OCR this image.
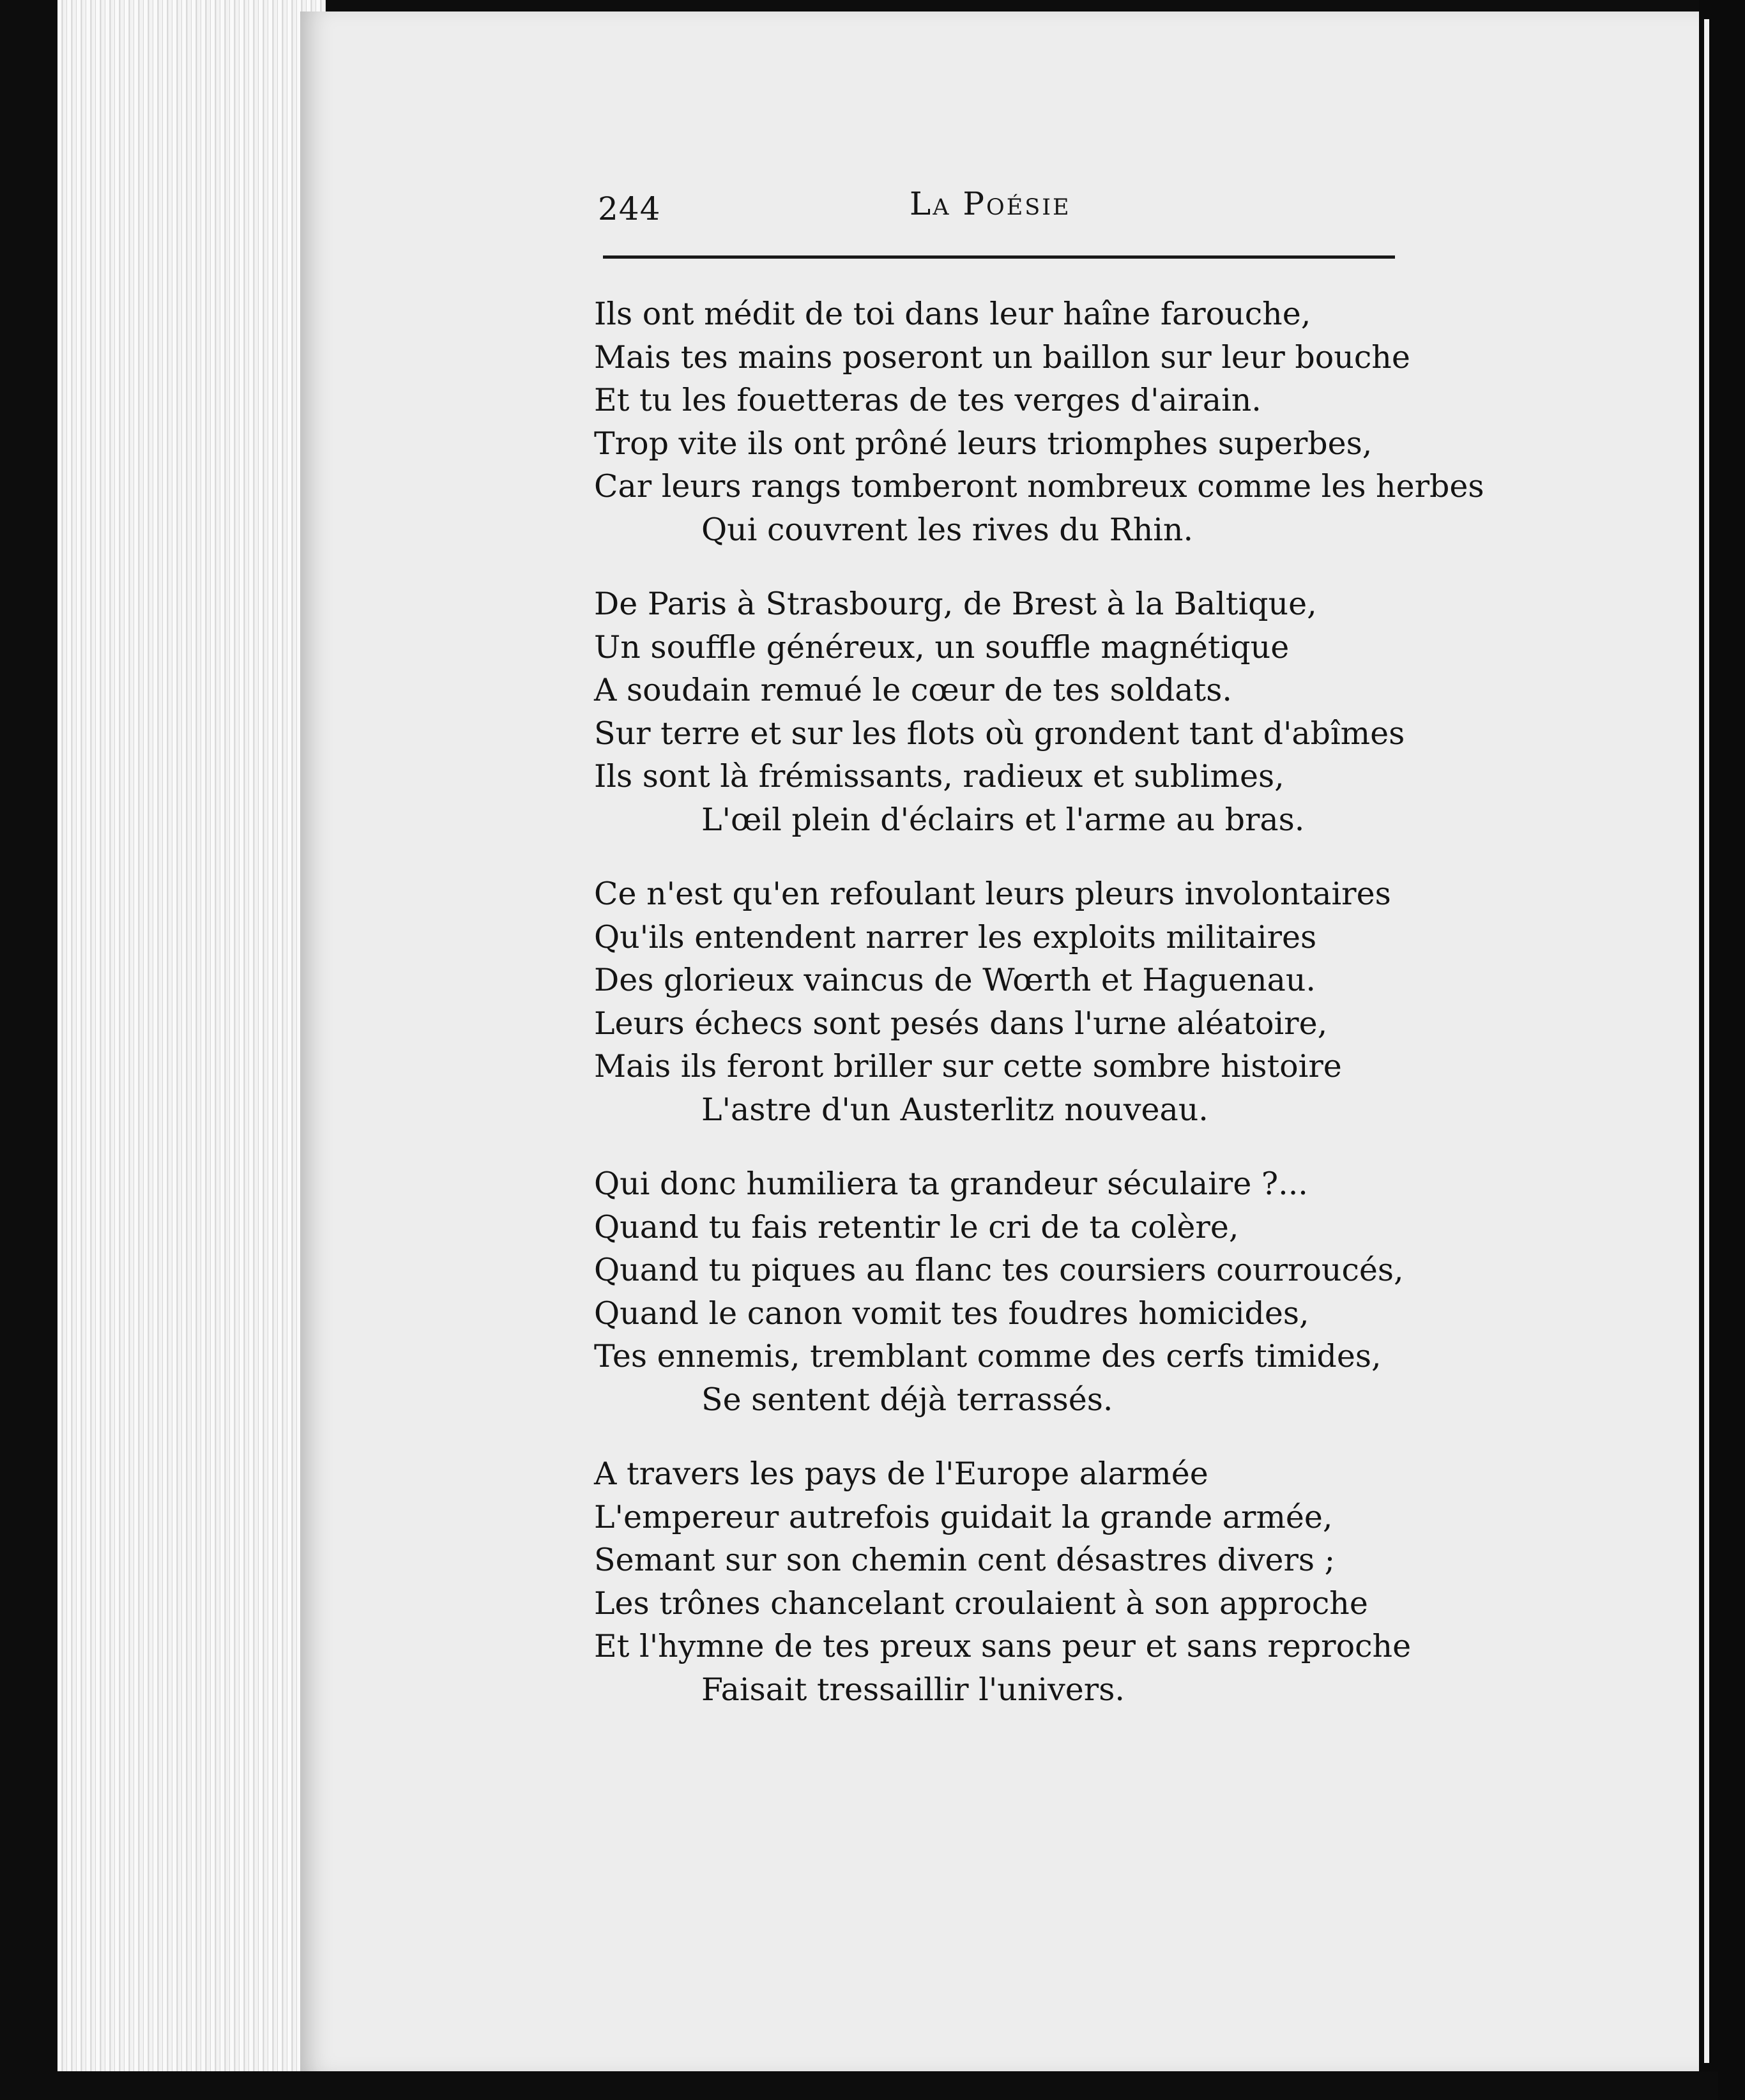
244	La Poésie
Ils ont médit de toi dans leur haîne farouche,
Mais tes mains poseront un baillon sur leur bouche
Et tu les fouetteras de tes verges d'airain.
Trop vite ils ont prôné leurs triomphes superbes,
Car leurs rangs tomberont nombreux comme les herbes
Qui couvrent les rives du Rhin.
De Paris à Strasbourg, de Brest à la Baltique,
Un souffle généreux, un souffle magnétique
A soudain remué le cœur de tes soldats.
Sur terre et sur les flots où grondent tant d'abîmes
Ils sont là frémissants, radieux et sublimes,
L'œil plein d'éclairs et l'arme au bras.
Ce n'est qu'en refoulant leurs pleurs involontaires
Qu'ils entendent narrer les exploits militaires
Des glorieux vaincus de Wœrth et Haguenau.
Leurs échecs sont pesés dans l'urne aléatoire,
Mais ils feront briller sur cette sombre histoire
L'astre d'un Austerlitz nouveau.
Qui donc humiliera ta grandeur séculaire ?...
Quand tu fais retentir le cri de ta colère,
Quand tu piques au flanc tes coursiers courroucés,
Quand le canon vomit tes foudres homicides,
Tes ennemis, tremblant comme des cerfs timides,
Se sentent déjà terrassés.
A travers les pays de l'Europe alarmée
L'empereur autrefois guidait la grande armée,
Semant sur son chemin cent désastres divers ;
Les trônes chancelant croulaient à son approche
Et l'hymne de tes preux sans peur et sans reproche
Faisait tressaillir l'univers.
